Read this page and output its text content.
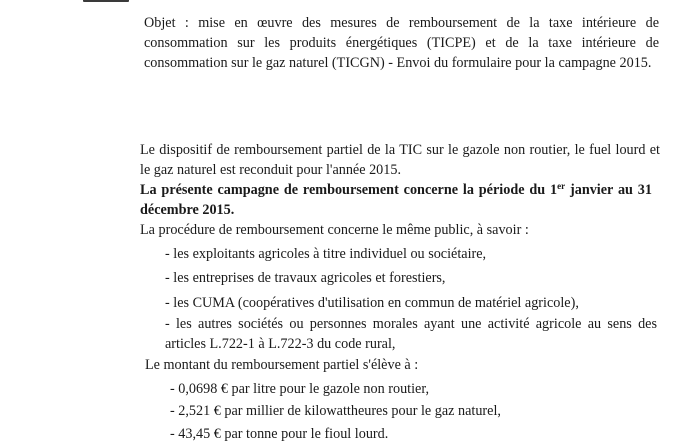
Objet : mise en œuvre des mesures de remboursement de la taxe intérieure de consommation sur les produits énergétiques (TICPE) et de la taxe intérieure de consommation sur le gaz naturel (TICGN) - Envoi du formulaire pour la campagne 2015.
Le dispositif de remboursement partiel de la TIC sur le gazole non routier, le fuel lourd et le gaz naturel est reconduit pour l'année 2015.
La présente campagne de remboursement concerne la période du 1er janvier au 31 décembre 2015.
La procédure de remboursement concerne le même public, à savoir :
- les exploitants agricoles à titre individuel ou sociétaire,
- les entreprises de travaux agricoles et forestiers,
- les CUMA (coopératives d'utilisation en commun de matériel agricole),
- les autres sociétés ou personnes morales ayant une activité agricole au sens des articles L.722-1 à L.722-3 du code rural,
Le montant du remboursement partiel s'élève à :
- 0,0698 € par litre pour le gazole non routier,
- 2,521 € par millier de kilowattheures pour le gaz naturel,
- 43,45 € par tonne pour le fioul lourd.
